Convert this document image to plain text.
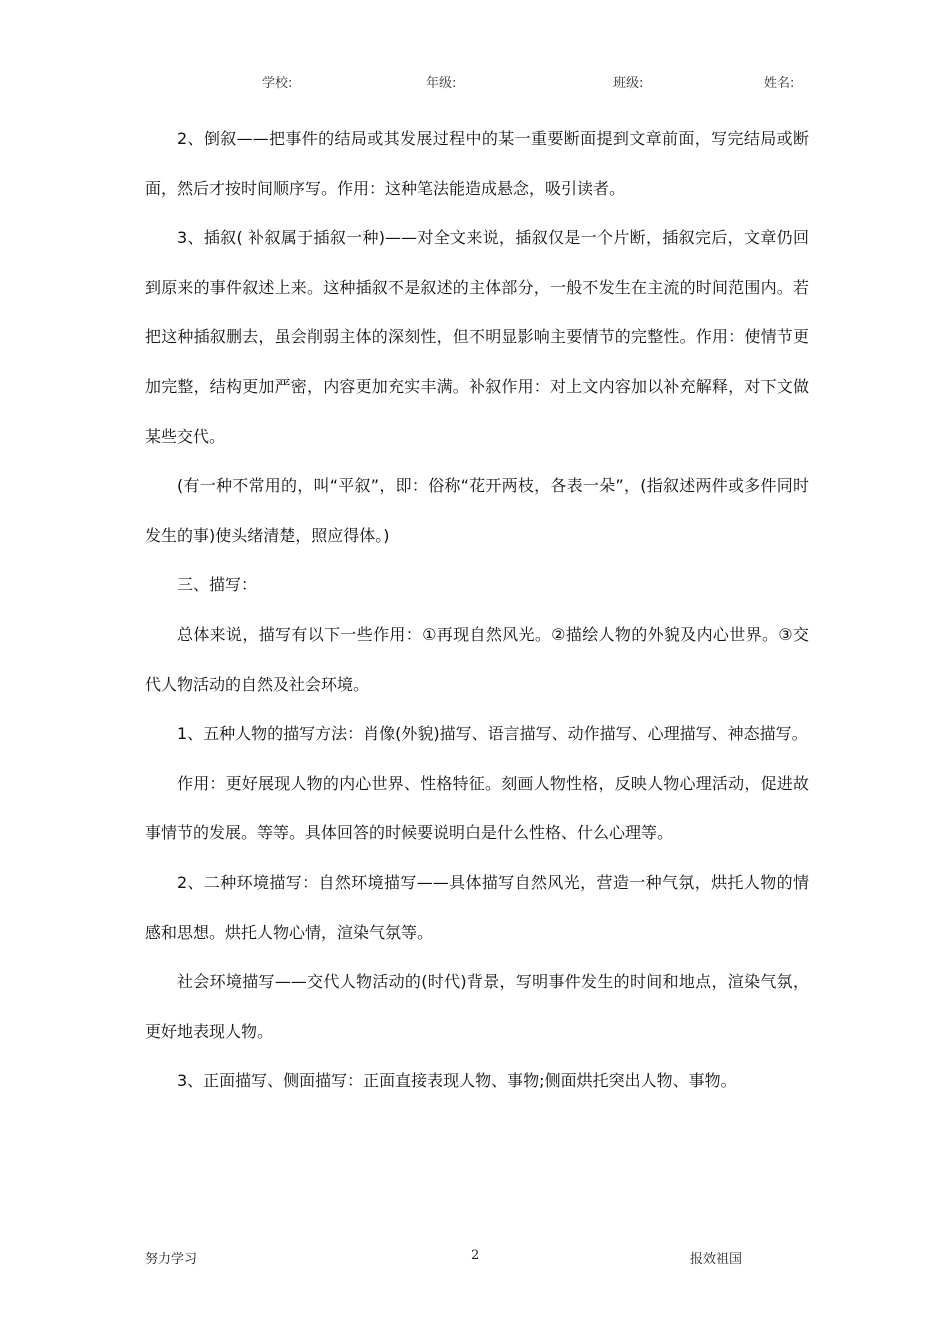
学校:	年级:	班级:	姓名:

2、倒叙——把事件的结局或其发展过程中的某一重要断面提到文章前面，写完结局或断面，然后才按时间顺序写。作用：这种笔法能造成悬念，吸引读者。

3、插叙( 补叙属于插叙一种)——对全文来说，插叙仅是一个片断，插叙完后，文章仍回到原来的事件叙述上来。这种插叙不是叙述的主体部分，一般不发生在主流的时间范围内。若把这种插叙删去，虽会削弱主体的深刻性，但不明显影响主要情节的完整性。作用：使情节更加完整，结构更加严密，内容更加充实丰满。补叙作用：对上文内容加以补充解释，对下文做某些交代。

(有一种不常用的，叫“平叙”，即：俗称“花开两枝，各表一朵”，(指叙述两件或多件同时发生的事)使头绪清楚，照应得体。)

三、描写：

总体来说，描写有以下一些作用：①再现自然风光。②描绘人物的外貌及内心世界。③交代人物活动的自然及社会环境。

1、五种人物的描写方法：肖像(外貌)描写、语言描写、动作描写、心理描写、神态描写。

作用：更好展现人物的内心世界、性格特征。刻画人物性格，反映人物心理活动，促进故事情节的发展。等等。具体回答的时候要说明白是什么性格、什么心理等。

2、二种环境描写：自然环境描写——具体描写自然风光，营造一种气氛，烘托人物的情感和思想。烘托人物心情，渲染气氛等。

社会环境描写——交代人物活动的(时代)背景，写明事件发生的时间和地点，渲染气氛，更好地表现人物。

3、正面描写、侧面描写：正面直接表现人物、事物;侧面烘托突出人物、事物。

努力学习	2	报效祖国
